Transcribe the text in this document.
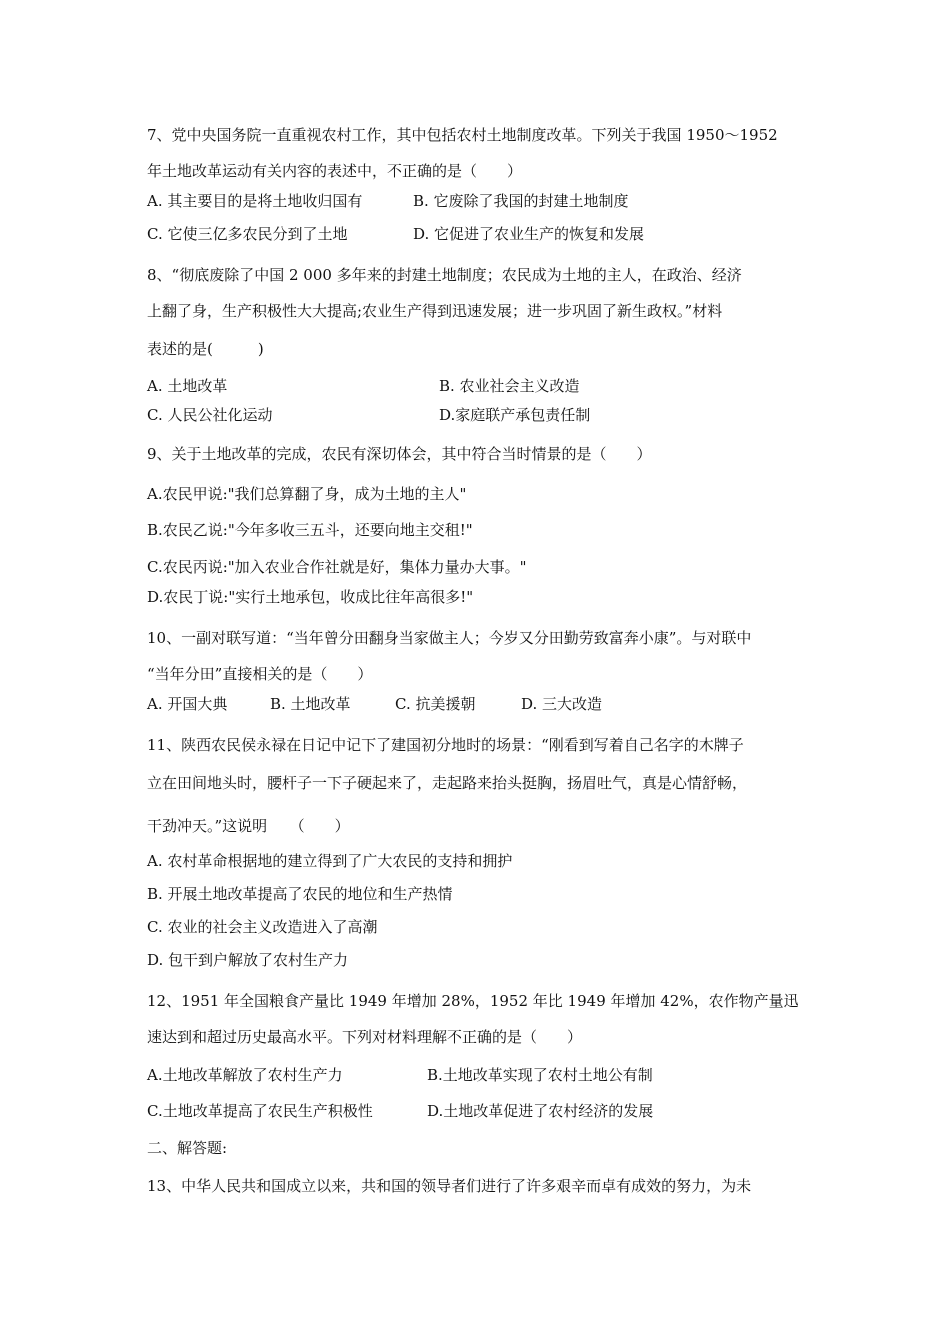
7、党中央国务院一直重视农村工作，其中包括农村土地制度改革。下列关于我国 1950～1952
年土地改革运动有关内容的表述中，不正确的是（　　）
A. 其主要目的是将土地收归国有	B. 它废除了我国的封建土地制度
C. 它使三亿多农民分到了土地	D. 它促进了农业生产的恢复和发展
8、“彻底废除了中国 2 000 多年来的封建土地制度；农民成为土地的主人，在政治、经济
上翻了身，生产积极性大大提高;农业生产得到迅速发展；进一步巩固了新生政权。”材料
表述的是(　　　)
A. 土地改革	B. 农业社会主义改造
C. 人民公社化运动	D.家庭联产承包责任制
9、关于土地改革的完成，农民有深切体会，其中符合当时情景的是（　　）
A.农民甲说:"我们总算翻了身，成为土地的主人"
B.农民乙说:"今年多收三五斗，还要向地主交租!"
C.农民丙说:"加入农业合作社就是好，集体力量办大事。"
D.农民丁说:"实行土地承包，收成比往年高很多!"
10、一副对联写道：“当年曾分田翻身当家做主人；今岁又分田勤劳致富奔小康”。与对联中
“当年分田”直接相关的是（　　）
A. 开国大典	B. 土地改革	C. 抗美援朝	D. 三大改造
11、陕西农民侯永禄在日记中记下了建国初分地时的场景：“刚看到写着自己名字的木牌子
立在田间地头时，腰杆子一下子硬起来了，走起路来抬头挺胸，扬眉吐气，真是心情舒畅，
干劲冲天。”这说明　　（　　）
A. 农村革命根据地的建立得到了广大农民的支持和拥护
B. 开展土地改革提高了农民的地位和生产热情
C. 农业的社会主义改造进入了高潮
D. 包干到户解放了农村生产力
12、1951 年全国粮食产量比 1949 年增加 28%，1952 年比 1949 年增加 42%，农作物产量迅
速达到和超过历史最高水平。下列对材料理解不正确的是（　　）
A.土地改革解放了农村生产力	B.土地改革实现了农村土地公有制
C.土地改革提高了农民生产积极性	D.土地改革促进了农村经济的发展
二、解答题:
13、中华人民共和国成立以来，共和国的领导者们进行了许多艰辛而卓有成效的努力，为未
